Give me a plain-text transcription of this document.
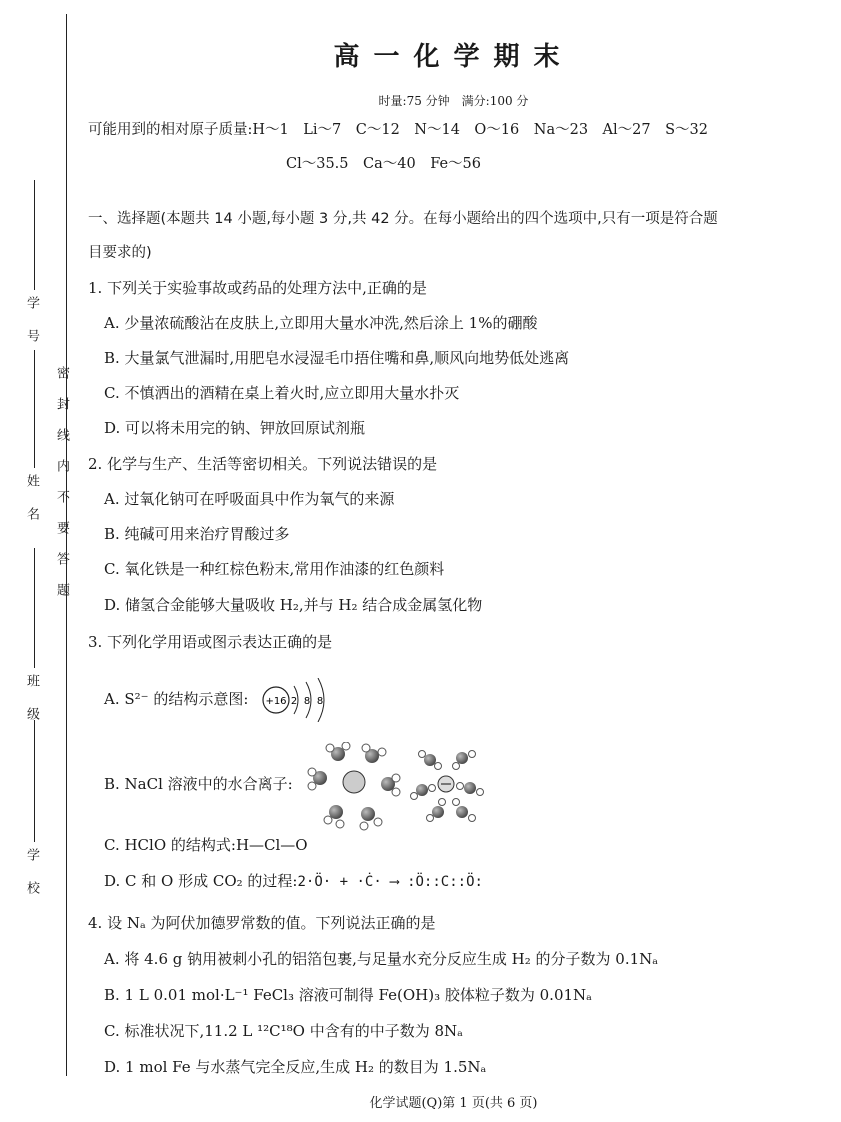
学 号
姓 名
班 级
学 校
密封线内不要答题
高一化学期末
时量:75 分钟　满分:100 分
可能用到的相对原子质量:H～1　Li～7　C～12　N～14　O～16　Na～23　Al～27　S～32
Cl～35.5　Ca～40　Fe～56
一、选择题(本题共 14 小题,每小题 3 分,共 42 分。在每小题给出的四个选项中,只有一项是符合题
目要求的)
1. 下列关于实验事故或药品的处理方法中,正确的是
A. 少量浓硫酸沾在皮肤上,立即用大量水冲洗,然后涂上 1%的硼酸
B. 大量氯气泄漏时,用肥皂水浸湿毛巾捂住嘴和鼻,顺风向地势低处逃离
C. 不慎洒出的酒精在桌上着火时,应立即用大量水扑灭
D. 可以将未用完的钠、钾放回原试剂瓶
2. 化学与生产、生活等密切相关。下列说法错误的是
A. 过氧化钠可在呼吸面具中作为氧气的来源
B. 纯碱可用来治疗胃酸过多
C. 氧化铁是一种红棕色粉末,常用作油漆的红色颜料
D. 储氢合金能够大量吸收 H₂,并与 H₂ 结合成金属氢化物
3. 下列化学用语或图示表达正确的是
A. S²⁻ 的结构示意图: +16 2 8 8
B. NaCl 溶液中的水合离子:
C. HClO 的结构式:H—Cl—O
D. C 和 O 形成 CO₂ 的过程:2·Ö· + ·Ċ· ⟶ :Ö::C::Ö:
4. 设 Nₐ 为阿伏加德罗常数的值。下列说法正确的是
A. 将 4.6 g 钠用被刺小孔的铝箔包裹,与足量水充分反应生成 H₂ 的分子数为 0.1Nₐ
B. 1 L 0.01 mol·L⁻¹ FeCl₃ 溶液可制得 Fe(OH)₃ 胶体粒子数为 0.01Nₐ
C. 标准状况下,11.2 L ¹²C¹⁸O 中含有的中子数为 8Nₐ
D. 1 mol Fe 与水蒸气完全反应,生成 H₂ 的数目为 1.5Nₐ
化学试题(Q)第 1 页(共 6 页)
